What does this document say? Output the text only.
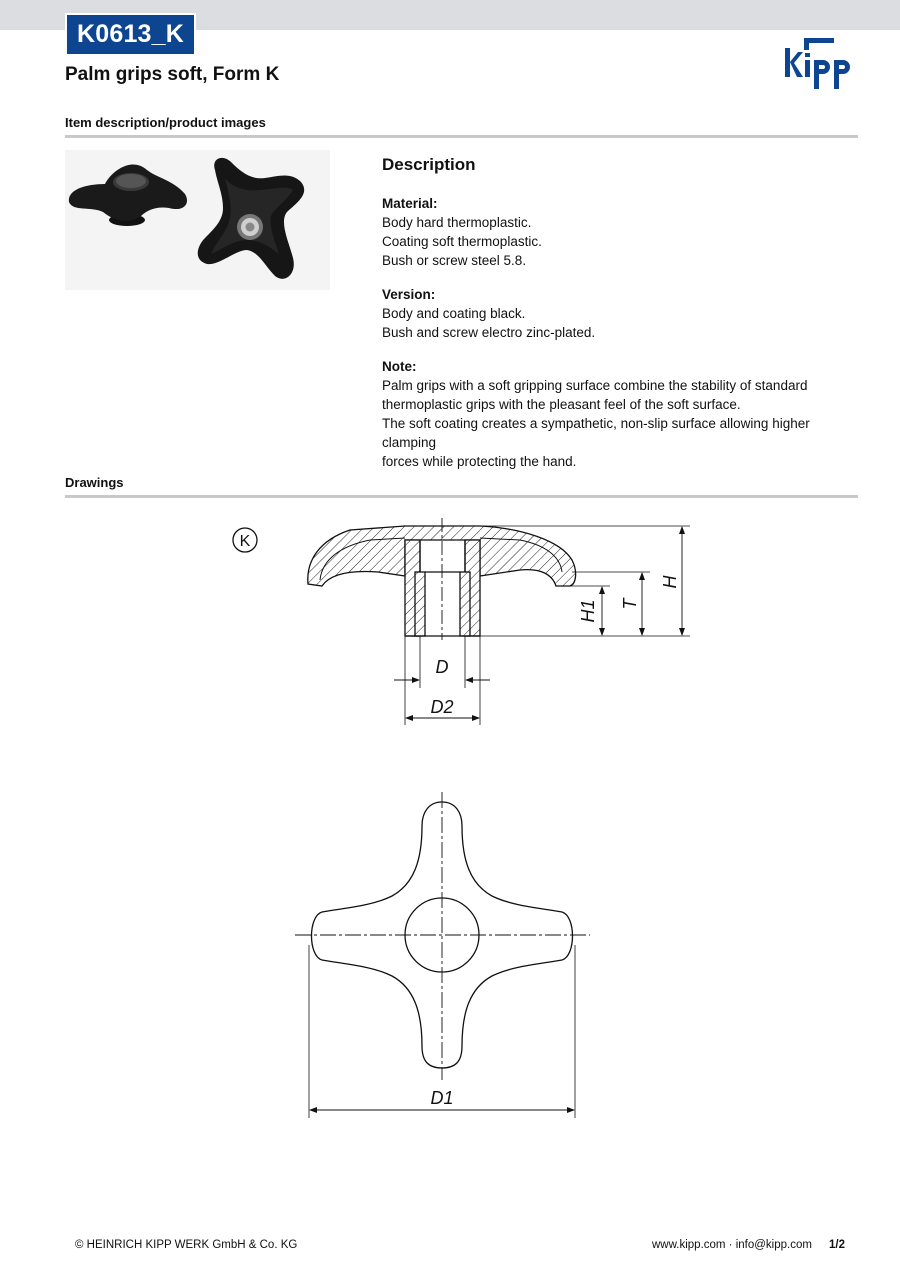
K0613_K
Palm grips soft, Form K
kipp
Item description/product images
Description
Material:
Body hard thermoplastic.
Coating soft thermoplastic.
Bush or screw steel 5.8.
Version:
Body and coating black.
Bush and screw electro zinc-plated.
Note:
Palm grips with a soft gripping surface combine the stability of standard
thermoplastic grips with the pleasant feel of the soft surface.
The soft coating creates a sympathetic, non-slip surface allowing higher clamping
forces while protecting the hand.
Drawings
K
D
D2
H
T
H1
D1
© HEINRICH KIPP WERK GmbH & Co. KG	www.kipp.com · info@kipp.com 1/2
